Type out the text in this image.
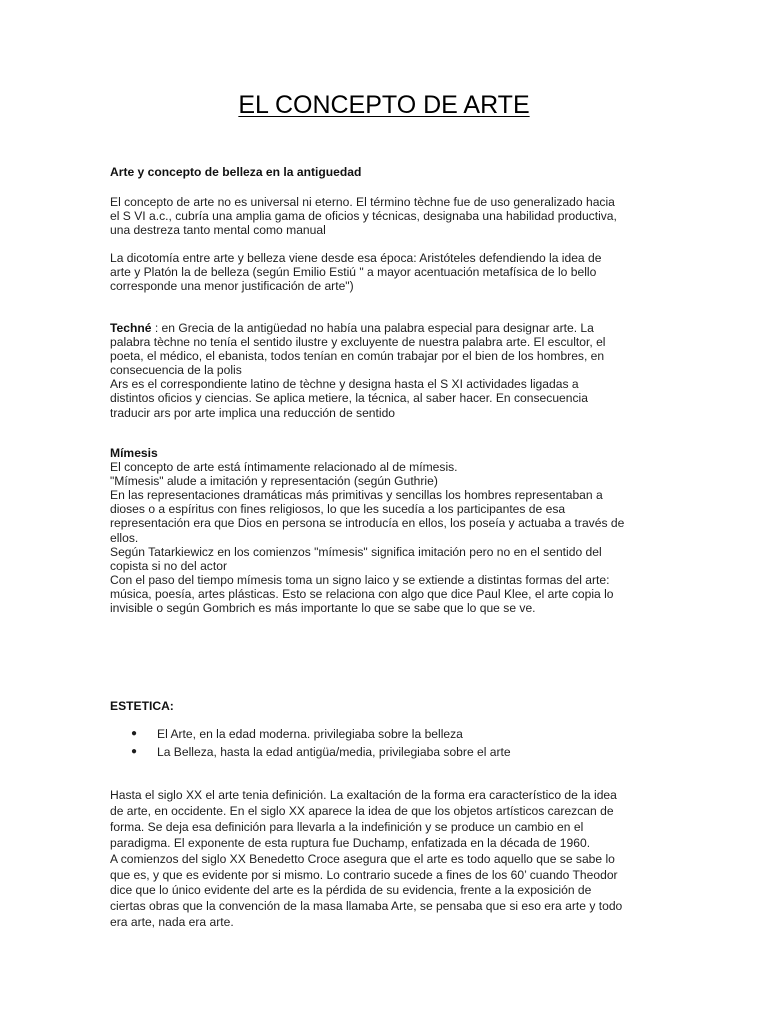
EL CONCEPTO DE ARTE
Arte y concepto de belleza en la antiguedad
El concepto de arte no es universal ni eterno. El término tèchne fue de uso generalizado hacia
el S VI a.c., cubría una amplia gama de oficios y técnicas, designaba una habilidad productiva,
una destreza tanto mental como manual
La dicotomía entre arte y belleza viene desde esa época: Aristóteles defendiendo la idea de
arte y Platón la de belleza (según Emilio Estiú " a mayor acentuación metafísica de lo bello
corresponde una menor justificación de arte")
Techné : en Grecia de la antigüedad no había una palabra especial para designar arte. La
palabra tèchne no tenía el sentido ilustre y excluyente de nuestra palabra arte. El escultor, el
poeta, el médico, el ebanista, todos tenían en común trabajar por el bien de los hombres, en
consecuencia de la polis
Ars es el correspondiente latino de tèchne y designa hasta el S XI actividades ligadas a
distintos oficios y ciencias. Se aplica metiere, la técnica, al saber hacer. En consecuencia
traducir ars por arte implica una reducción de sentido
Mímesis
El concepto de arte está íntimamente relacionado al de mímesis.
"Mímesis" alude a imitación y representación (según Guthrie)
En las representaciones dramáticas más primitivas y sencillas los hombres representaban a
dioses o a espíritus con fines religiosos, lo que les sucedía a los participantes de esa
representación era que Dios en persona se introducía en ellos, los poseía y actuaba a través de
ellos.
Según Tatarkiewicz en los comienzos "mímesis" significa imitación pero no en el sentido del
copista si no del actor
Con el paso del tiempo mímesis toma un signo laico y se extiende a distintas formas del arte:
música, poesía, artes plásticas. Esto se relaciona con algo que dice Paul Klee, el arte copia lo
invisible o según Gombrich es más importante lo que se sabe que lo que se ve.
ESTETICA:
● El Arte, en la edad moderna. privilegiaba sobre la belleza
● La Belleza, hasta la edad antigüa/media, privilegiaba sobre el arte
Hasta el siglo XX el arte tenia definición. La exaltación de la forma era característico de la idea
de arte, en occidente. En el siglo XX aparece la idea de que los objetos artísticos carezcan de
forma. Se deja esa definición para llevarla a la indefinición y se produce un cambio en el
paradigma. El exponente de esta ruptura fue Duchamp, enfatizada en la década de 1960.
A comienzos del siglo XX Benedetto Croce asegura que el arte es todo aquello que se sabe lo
que es, y que es evidente por si mismo. Lo contrario sucede a fines de los 60’ cuando Theodor
dice que lo único evidente del arte es la pérdida de su evidencia, frente a la exposición de
ciertas obras que la convención de la masa llamaba Arte, se pensaba que si eso era arte y todo
era arte, nada era arte.
